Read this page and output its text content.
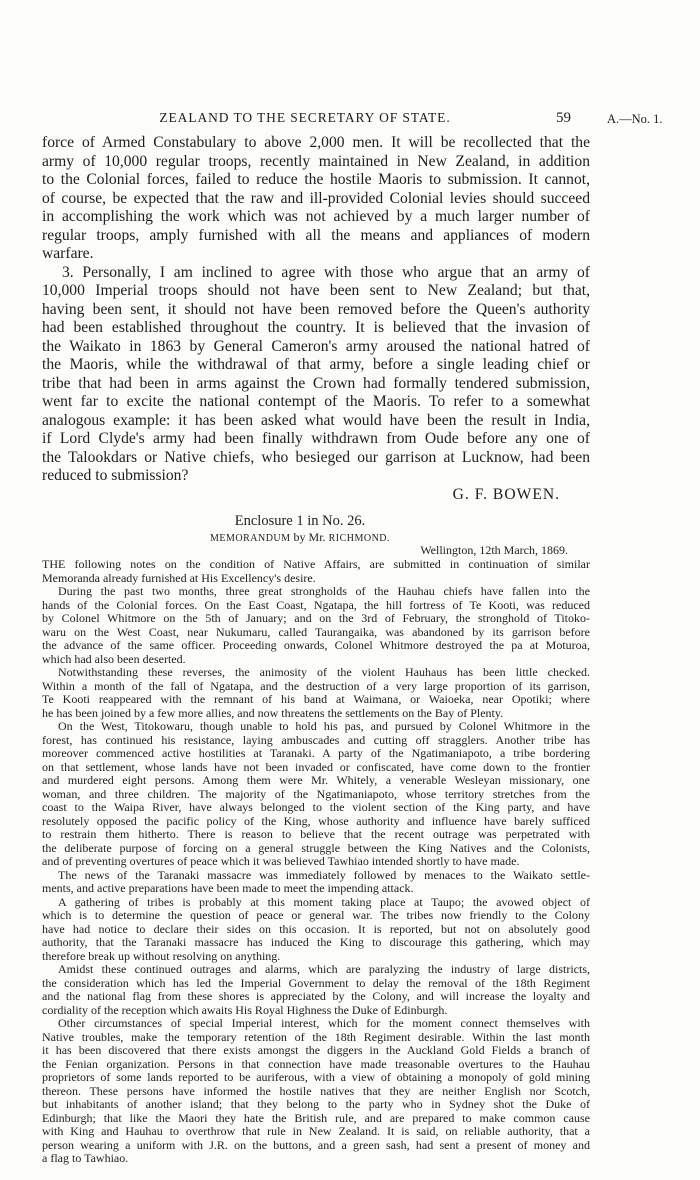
ZEALAND TO THE SECRETARY OF STATE.	59	A.—No. 1.
force of Armed Constabulary to above 2,000 men. It will be recollected that the
army of 10,000 regular troops, recently maintained in New Zealand, in addition
to the Colonial forces, failed to reduce the hostile Maoris to submission. It cannot,
of course, be expected that the raw and ill-provided Colonial levies should succeed
in accomplishing the work which was not achieved by a much larger number of
regular troops, amply furnished with all the means and appliances of modern
warfare.
3. Personally, I am inclined to agree with those who argue that an army of
10,000 Imperial troops should not have been sent to New Zealand; but that,
having been sent, it should not have been removed before the Queen's authority
had been established throughout the country. It is believed that the invasion of
the Waikato in 1863 by General Cameron's army aroused the national hatred of
the Maoris, while the withdrawal of that army, before a single leading chief or
tribe that had been in arms against the Crown had formally tendered submission,
went far to excite the national contempt of the Maoris. To refer to a somewhat
analogous example: it has been asked what would have been the result in India,
if Lord Clyde's army had been finally withdrawn from Oude before any one of
the Talookdars or Native chiefs, who besieged our garrison at Lucknow, had been
reduced to submission?
G. F. BOWEN.
Enclosure 1 in No. 26.
MEMORANDUM by Mr. RICHMOND.
Wellington, 12th March, 1869.
THE following notes on the condition of Native Affairs, are submitted in continuation of similar
Memoranda already furnished at His Excellency's desire.
During the past two months, three great strongholds of the Hauhau chiefs have fallen into the
hands of the Colonial forces. On the East Coast, Ngatapa, the hill fortress of Te Kooti, was reduced
by Colonel Whitmore on the 5th of January; and on the 3rd of February, the stronghold of Titoko-
waru on the West Coast, near Nukumaru, called Taurangaika, was abandoned by its garrison before
the advance of the same officer. Proceeding onwards, Colonel Whitmore destroyed the pa at Moturoa,
which had also been deserted.
Notwithstanding these reverses, the animosity of the violent Hauhaus has been little checked.
Within a month of the fall of Ngatapa, and the destruction of a very large proportion of its garrison,
Te Kooti reappeared with the remnant of his band at Waimana, or Waioeka, near Opotiki; where
he has been joined by a few more allies, and now threatens the settlements on the Bay of Plenty.
On the West, Titokowaru, though unable to hold his pas, and pursued by Colonel Whitmore in the
forest, has continued his resistance, laying ambuscades and cutting off stragglers. Another tribe has
moreover commenced active hostilities at Taranaki. A party of the Ngatimaniapoto, a tribe bordering
on that settlement, whose lands have not been invaded or confiscated, have come down to the frontier
and murdered eight persons. Among them were Mr. Whitely, a venerable Wesleyan missionary, one
woman, and three children. The majority of the Ngatimaniapoto, whose territory stretches from the
coast to the Waipa River, have always belonged to the violent section of the King party, and have
resolutely opposed the pacific policy of the King, whose authority and influence have barely sufficed
to restrain them hitherto. There is reason to believe that the recent outrage was perpetrated with
the deliberate purpose of forcing on a general struggle between the King Natives and the Colonists,
and of preventing overtures of peace which it was believed Tawhiao intended shortly to have made.
The news of the Taranaki massacre was immediately followed by menaces to the Waikato settle-
ments, and active preparations have been made to meet the impending attack.
A gathering of tribes is probably at this moment taking place at Taupo; the avowed object of
which is to determine the question of peace or general war. The tribes now friendly to the Colony
have had notice to declare their sides on this occasion. It is reported, but not on absolutely good
authority, that the Taranaki massacre has induced the King to discourage this gathering, which may
therefore break up without resolving on anything.
Amidst these continued outrages and alarms, which are paralyzing the industry of large districts,
the consideration which has led the Imperial Government to delay the removal of the 18th Regiment
and the national flag from these shores is appreciated by the Colony, and will increase the loyalty and
cordiality of the reception which awaits His Royal Highness the Duke of Edinburgh.
Other circumstances of special Imperial interest, which for the moment connect themselves with
Native troubles, make the temporary retention of the 18th Regiment desirable. Within the last month
it has been discovered that there exists amongst the diggers in the Auckland Gold Fields a branch of
the Fenian organization. Persons in that connection have made treasonable overtures to the Hauhau
proprietors of some lands reported to be auriferous, with a view of obtaining a monopoly of gold mining
thereon. These persons have informed the hostile natives that they are neither English nor Scotch,
but inhabitants of another island; that they belong to the party who in Sydney shot the Duke of
Edinburgh; that like the Maori they hate the British rule, and are prepared to make common cause
with King and Hauhau to overthrow that rule in New Zealand. It is said, on reliable authority, that a
person wearing a uniform with J.R. on the buttons, and a green sash, had sent a present of money and
a flag to Tawhiao.
